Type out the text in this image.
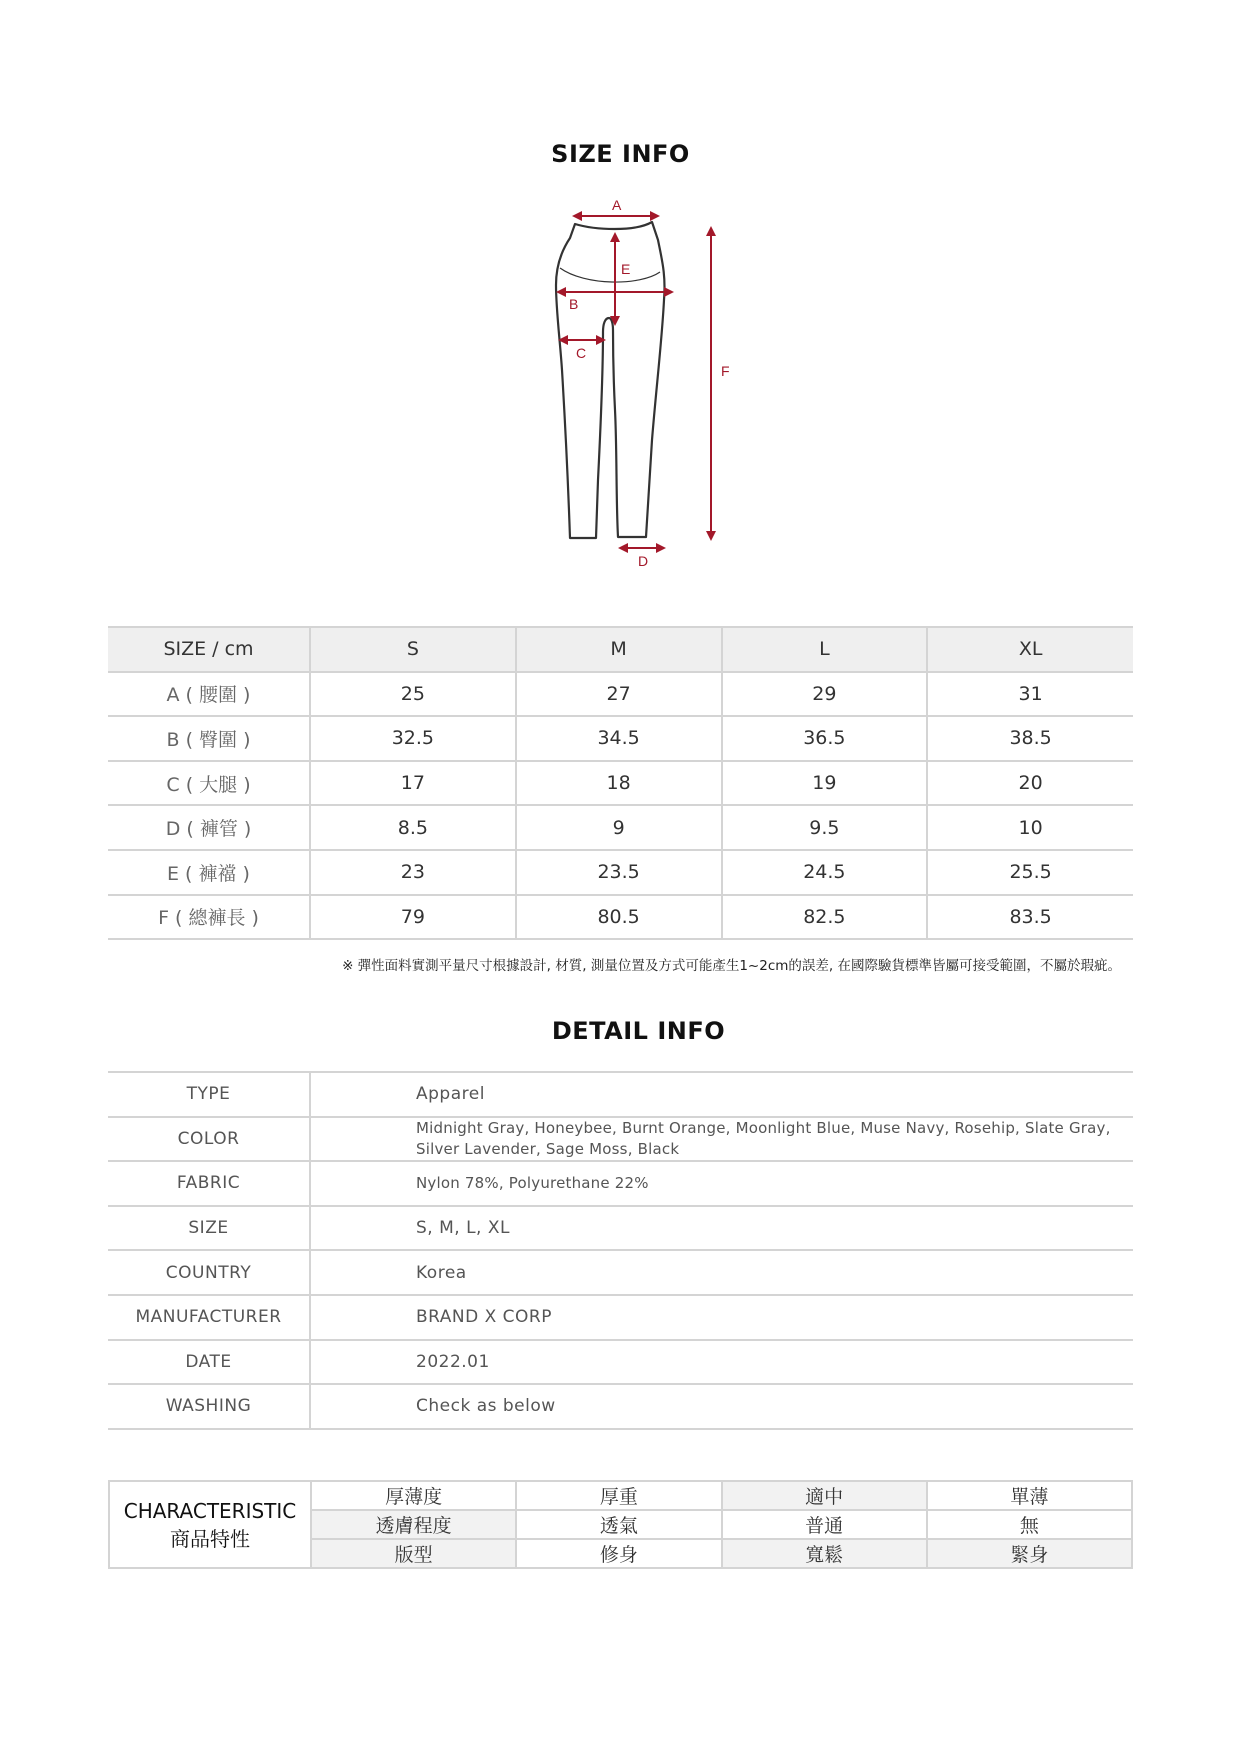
SIZE INFO
A
E
B
C
D
F
SIZE / cm	S	M	L	XL
A ( 腰圍 )	25	27	29	31
B ( 臀圍 )	32.5	34.5	36.5	38.5
C ( 大腿 )	17	18	19	20
D ( 褲管 )	8.5	9	9.5	10
E ( 褲襠 )	23	23.5	24.5	25.5
F ( 總褲長 )	79	80.5	82.5	83.5
※ 彈性面料實測平量尺寸根據設計, 材質, 測量位置及方式可能產生1~2cm的誤差, 在國際驗貨標準皆屬可接受範圍，不屬於瑕疵。
DETAIL INFO
TYPE	Apparel
COLOR	Midnight Gray, Honeybee, Burnt Orange, Moonlight Blue, Muse Navy, Rosehip, Slate Gray, Silver Lavender, Sage Moss, Black
FABRIC	Nylon 78%, Polyurethane 22%
SIZE	S, M, L, XL
COUNTRY	Korea
MANUFACTURER	BRAND X CORP
DATE	2022.01
WASHING	Check as below
CHARACTERISTIC
商品特性	厚薄度	厚重	適中	單薄
	透膚程度	透氣	普通	無
	版型	修身	寬鬆	緊身
